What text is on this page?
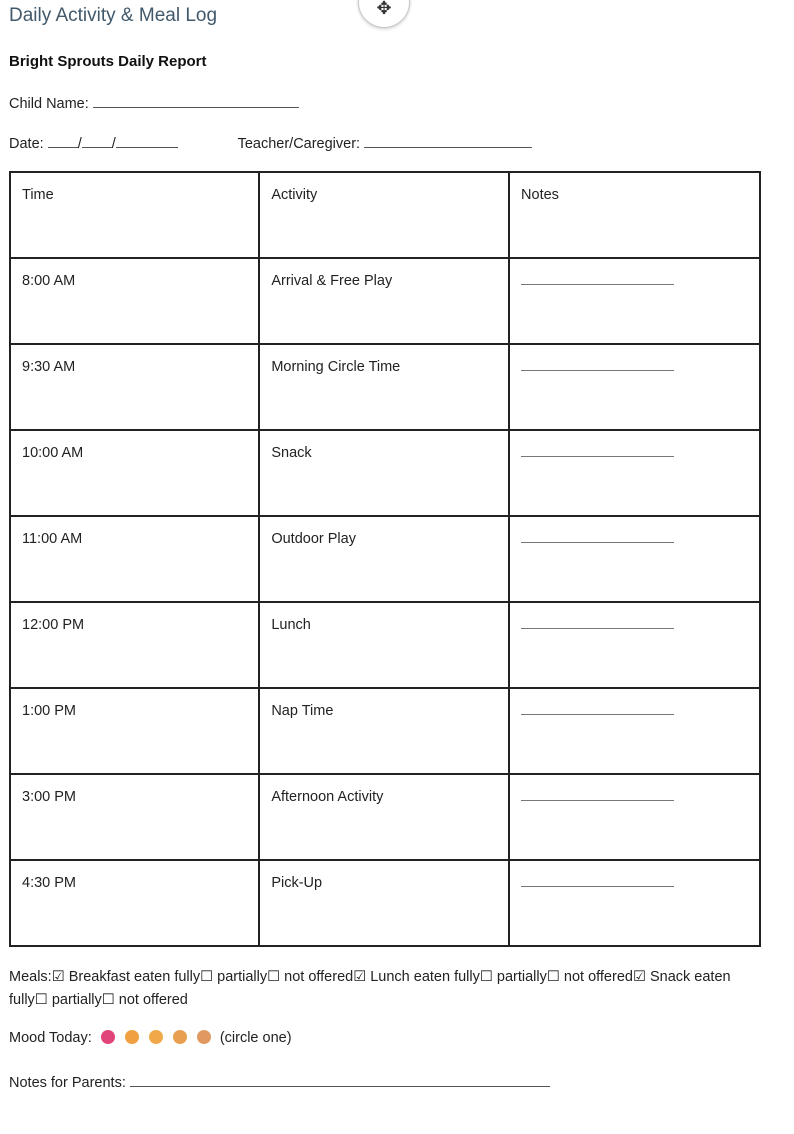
Daily Activity & Meal Log	✥
Bright Sprouts Daily Report
Child Name:
Date: / /	Teacher/Caregiver:
Time	Activity	Notes
8:00 AM	Arrival & Free Play	
9:30 AM	Morning Circle Time	
10:00 AM	Snack	
11:00 AM	Outdoor Play	
12:00 PM	Lunch	
1:00 PM	Nap Time	
3:00 PM	Afternoon Activity	
4:30 PM	Pick-Up	
Meals:☑ Breakfast eaten fully☐ partially☐ not offered☑ Lunch eaten fully☐ partially☐ not offered☑ Snack eaten fully☐ partially☐ not offered
Mood Today:	(circle one)
Notes for Parents:
